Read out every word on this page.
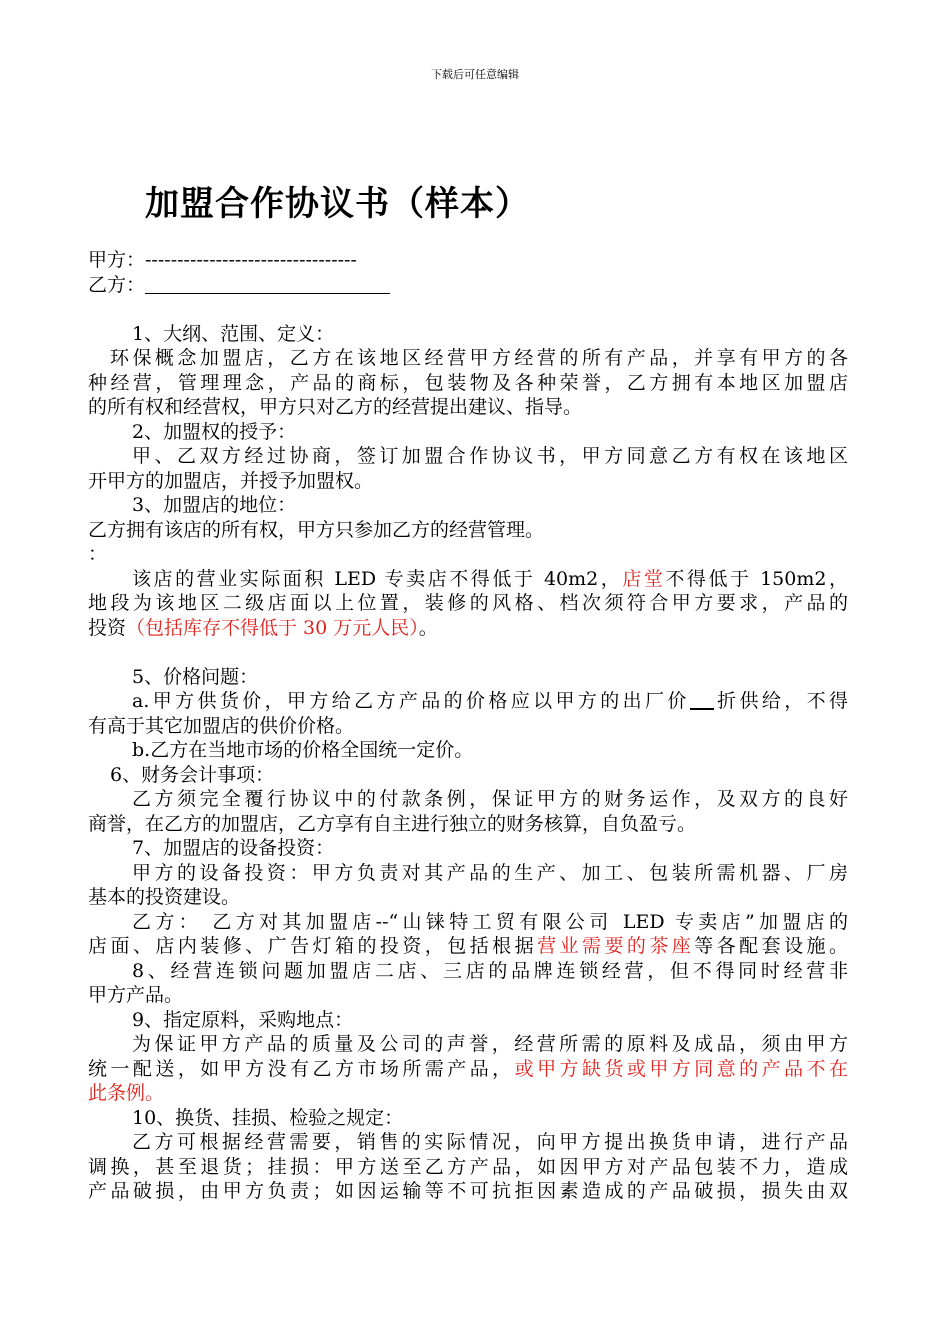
下载后可任意编辑
加盟合作协议书（样本）
甲方：---------------------------------
乙方：
1、大纲、范围、定义：
环保概念加盟店，乙方在该地区经营甲方经营的所有产品，并享有甲方的各
种经营，管理理念，产品的商标，包装物及各种荣誉，乙方拥有本地区加盟店
的所有权和经营权，甲方只对乙方的经营提出建议、指导。
2、加盟权的授予：
甲、乙双方经过协商，签订加盟合作协议书，甲方同意乙方有权在该地区
开甲方的加盟店，并授予加盟权。
3、加盟店的地位：
乙方拥有该店的所有权，甲方只参加乙方的经营管理。
：
该店的营业实际面积 LED 专卖店不得低于 40m2，店堂不得低于 150m2，
地段为该地区二级店面以上位置，装修的风格、档次须符合甲方要求，产品的
投资（包括库存不得低于 30 万元人民）。
5、价格问题：
a.甲方供货价，甲方给乙方产品的价格应以甲方的出厂价 折供给，不得
有高于其它加盟店的供价价格。
b.乙方在当地市场的价格全国统一定价。
6、财务会计事项：
乙方须完全覆行协议中的付款条例，保证甲方的财务运作，及双方的良好
商誉，在乙方的加盟店，乙方享有自主进行独立的财务核算，自负盈亏。
7、加盟店的设备投资：
甲方的设备投资：甲方负责对其产品的生产、加工、包装所需机器、厂房
基本的投资建设。
乙方： 乙方对其加盟店--“山铼特工贸有限公司 LED 专卖店”加盟店的
店面、店内装修、广告灯箱的投资，包括根据营业需要的茶座等各配套设施。
8、经营连锁问题加盟店二店、三店的品牌连锁经营，但不得同时经营非
甲方产品。
9、指定原料，采购地点：
为保证甲方产品的质量及公司的声誉，经营所需的原料及成品，须由甲方
统一配送，如甲方没有乙方市场所需产品，或甲方缺货或甲方同意的产品不在
此条例。
10、换货、挂损、检验之规定：
乙方可根据经营需要，销售的实际情况，向甲方提出换货申请，进行产品
调换，甚至退货；挂损：甲方送至乙方产品，如因甲方对产品包装不力，造成
产品破损，由甲方负责；如因运输等不可抗拒因素造成的产品破损，损失由双
